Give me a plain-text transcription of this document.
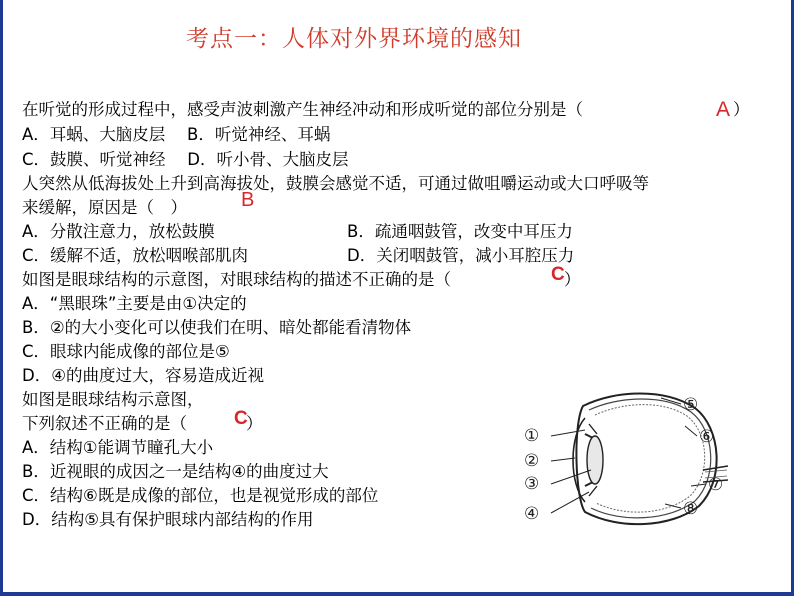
考点一：人体对外界环境的感知
在听觉的形成过程中，感受声波刺激产生神经冲动和形成听觉的部位分别是（	A ）
A．耳蜗、大脑皮层　 B．听觉神经、耳蜗
C．鼓膜、听觉神经　 D．听小骨、大脑皮层
人突然从低海拔处上升到高海拔处，鼓膜会感觉不适，可通过做咀嚼运动或大口呼吸等
来缓解，原因是（　）	B
A．分散注意力，放松鼓膜	B．疏通咽鼓管，改变中耳压力
C．缓解不适，放松咽喉部肌肉	D．关闭咽鼓管，减小耳腔压力
如图是眼球结构的示意图，对眼球结构的描述不正确的是（	C ）
A．“黑眼珠”主要是由①决定的
B．②的大小变化可以使我们在明、暗处都能看清物体
C．眼球内能成像的部位是⑤
D．④的曲度过大，容易造成近视
如图是眼球结构示意图，
下列叙述不正确的是（ C
）
A．结构①能调节瞳孔大小
B．近视眼的成因之一是结构④的曲度过大
C．结构⑥既是成像的部位，也是视觉形成的部位
D．结构⑤具有保护眼球内部结构的作用
①
②
③
④
⑤
⑥
⑦
⑧
